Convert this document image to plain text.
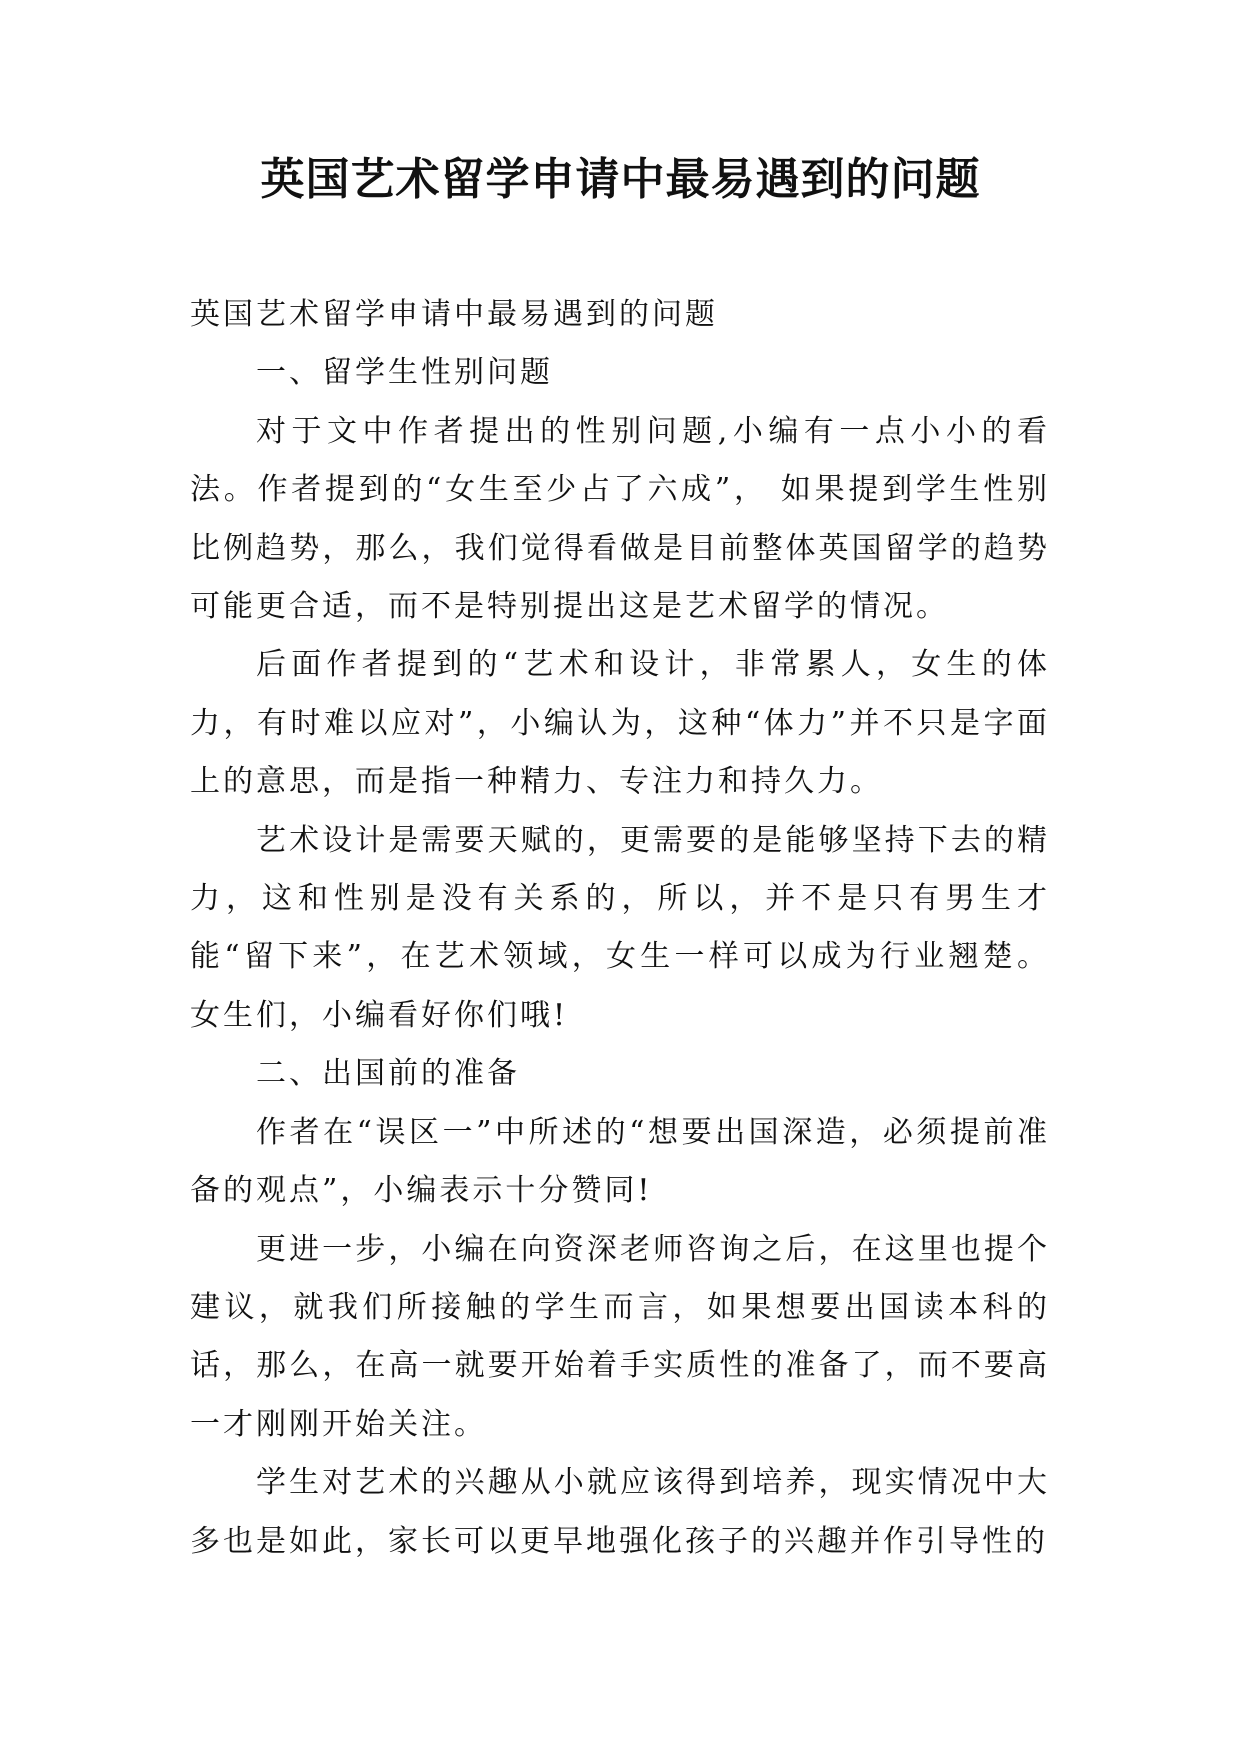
英国艺术留学申请中最易遇到的问题

英国艺术留学申请中最易遇到的问题

一、留学生性别问题

对于文中作者提出的性别问题,小编有一点小小的看法。作者提到的“女生至少占了六成”， 如果提到学生性别比例趋势，那么，我们觉得看做是目前整体英国留学的趋势可能更合适，而不是特别提出这是艺术留学的情况。

后面作者提到的“艺术和设计，非常累人，女生的体力，有时难以应对”，小编认为，这种“体力”并不只是字面上的意思，而是指一种精力、专注力和持久力。

艺术设计是需要天赋的，更需要的是能够坚持下去的精力，这和性别是没有关系的，所以，并不是只有男生才能“留下来”，在艺术领域，女生一样可以成为行业翘楚。女生们，小编看好你们哦!

二、出国前的准备

作者在“误区一”中所述的“想要出国深造，必须提前准备的观点”，小编表示十分赞同!

更进一步，小编在向资深老师咨询之后，在这里也提个建议，就我们所接触的学生而言，如果想要出国读本科的话，那么，在高一就要开始着手实质性的准备了，而不要高一才刚刚开始关注。

学生对艺术的兴趣从小就应该得到培养，现实情况中大多也是如此，家长可以更早地强化孩子的兴趣并作引导性的
